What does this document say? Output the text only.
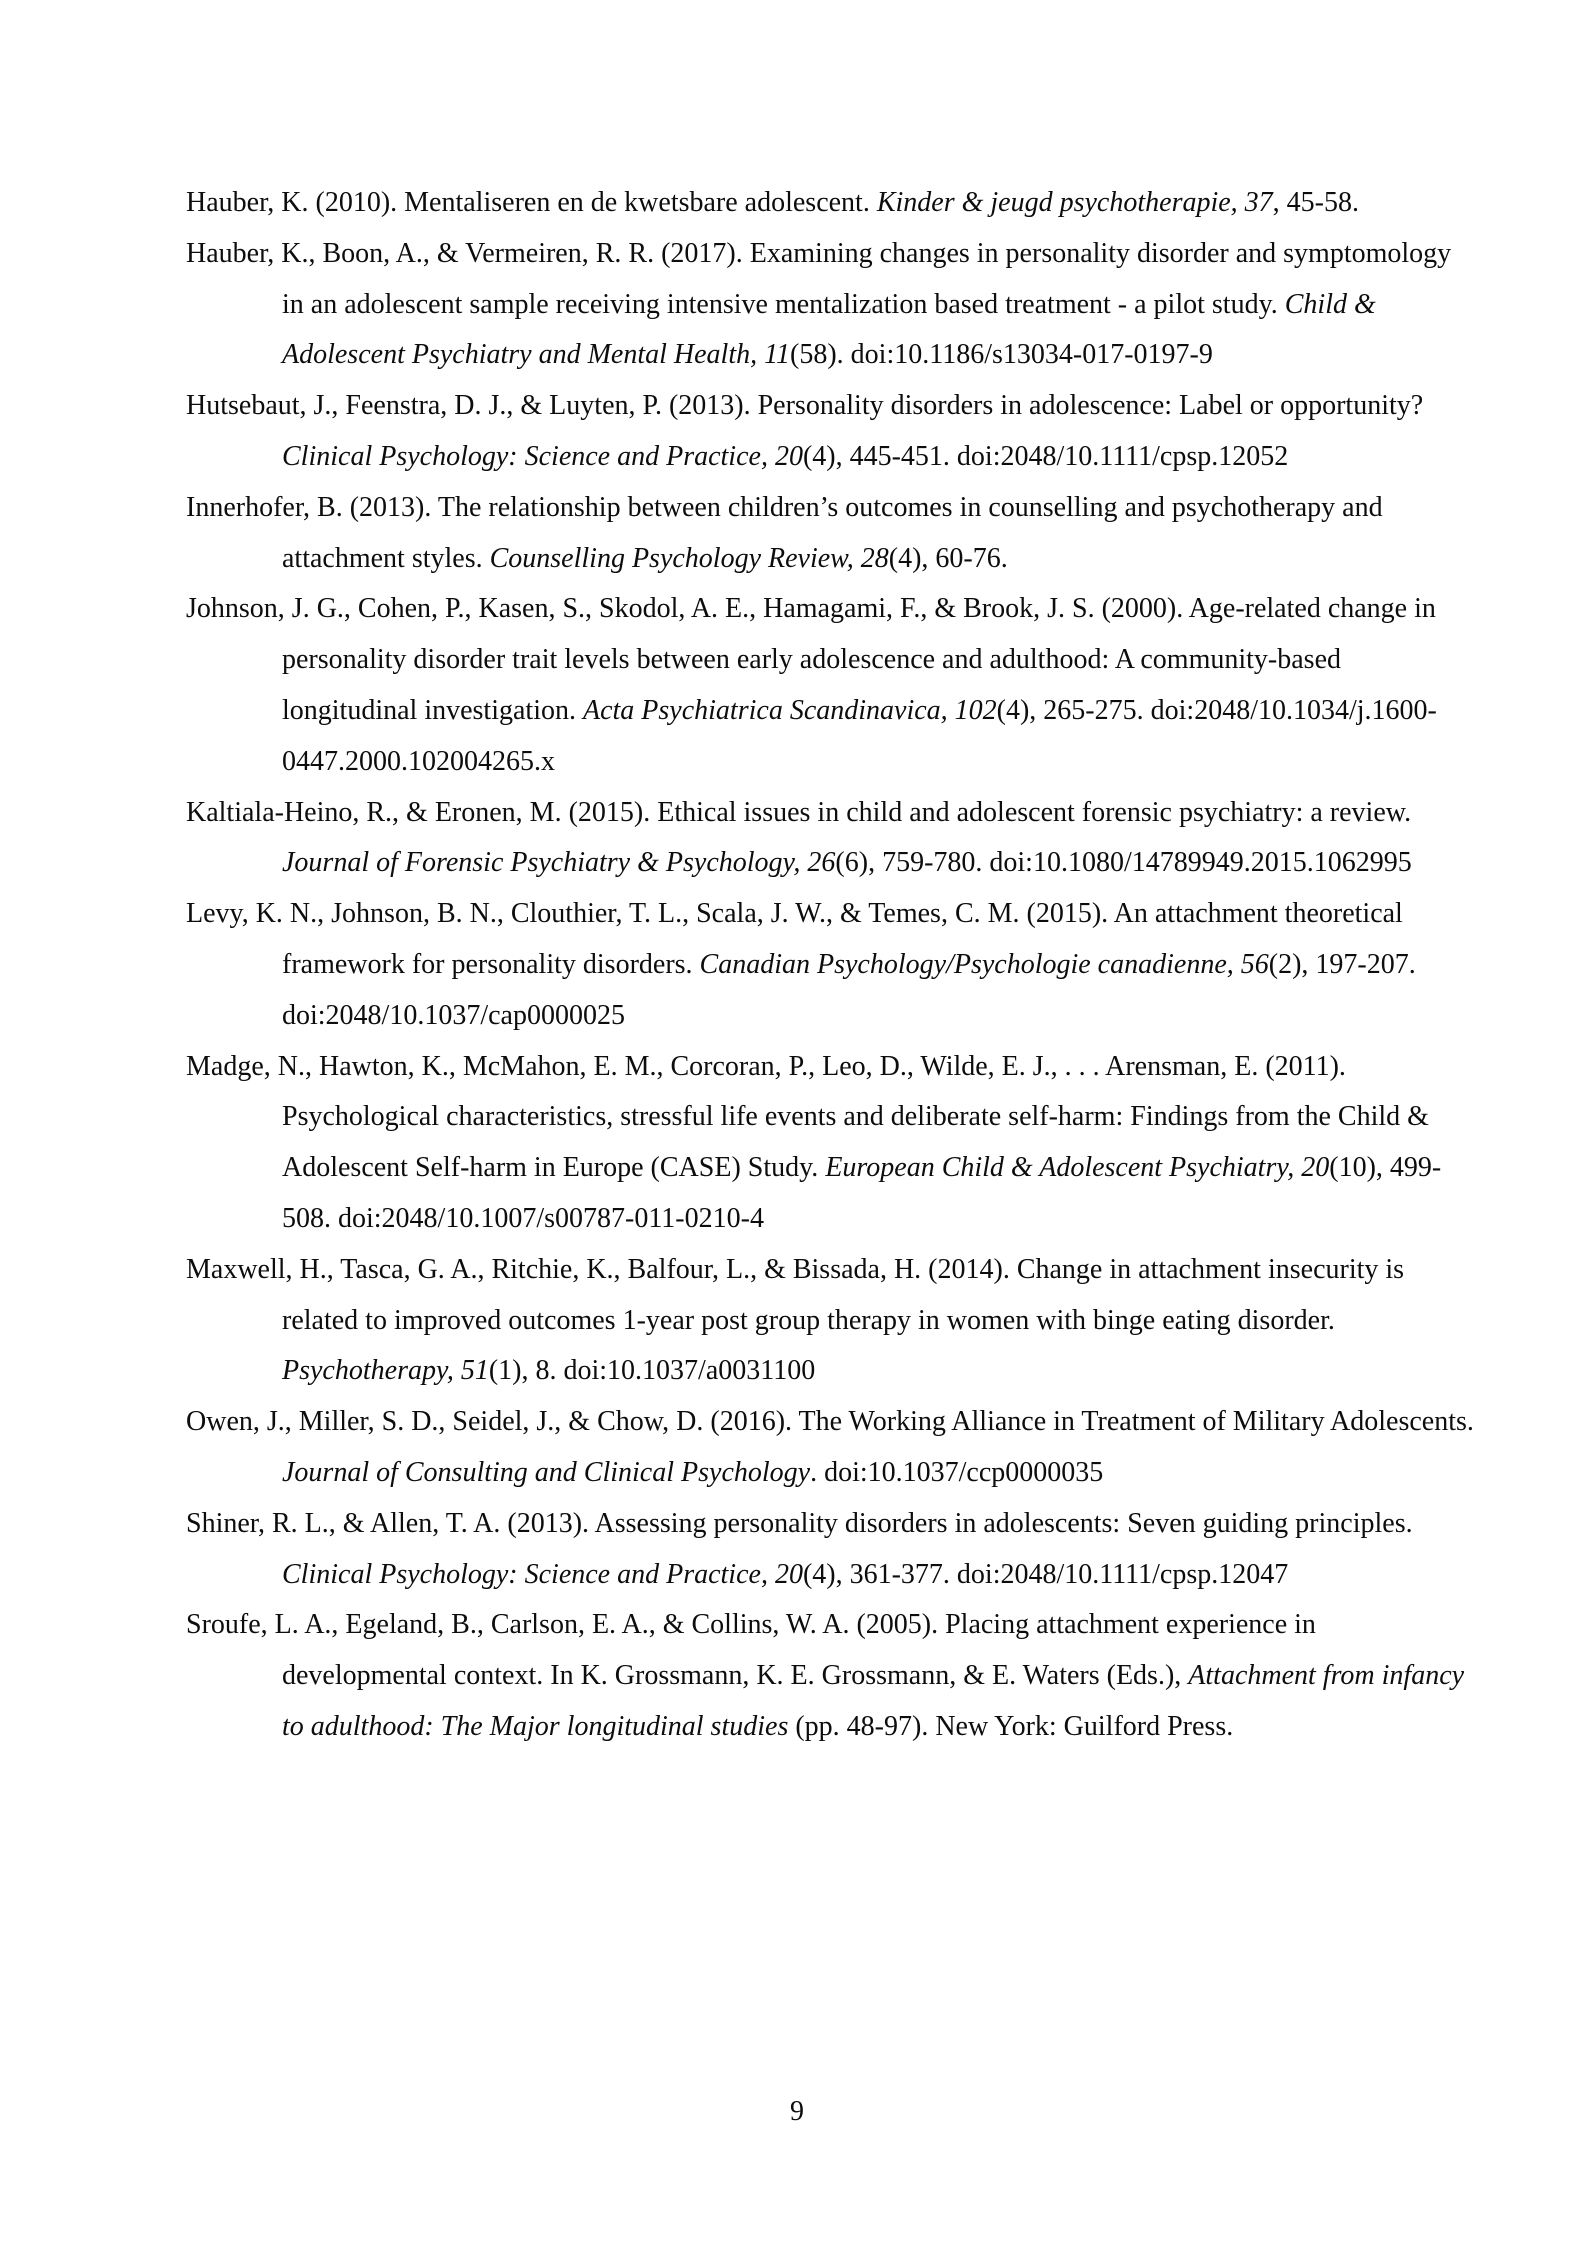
Hauber, K. (2010). Mentaliseren en de kwetsbare adolescent. Kinder & jeugd psychotherapie, 37, 45-58.

Hauber, K., Boon, A., & Vermeiren, R. R. (2017). Examining changes in personality disorder and symptomology in an adolescent sample receiving intensive mentalization based treatment - a pilot study. Child & Adolescent Psychiatry and Mental Health, 11(58). doi:10.1186/s13034-017-0197-9

Hutsebaut, J., Feenstra, D. J., & Luyten, P. (2013). Personality disorders in adolescence: Label or opportunity? Clinical Psychology: Science and Practice, 20(4), 445-451. doi:2048/10.1111/cpsp.12052

Innerhofer, B. (2013). The relationship between children’s outcomes in counselling and psychotherapy and attachment styles. Counselling Psychology Review, 28(4), 60-76.

Johnson, J. G., Cohen, P., Kasen, S., Skodol, A. E., Hamagami, F., & Brook, J. S. (2000). Age-related change in personality disorder trait levels between early adolescence and adulthood: A community-based longitudinal investigation. Acta Psychiatrica Scandinavica, 102(4), 265-275. doi:2048/10.1034/j.1600-0447.2000.102004265.x

Kaltiala-Heino, R., & Eronen, M. (2015). Ethical issues in child and adolescent forensic psychiatry: a review. Journal of Forensic Psychiatry & Psychology, 26(6), 759-780. doi:10.1080/14789949.2015.1062995

Levy, K. N., Johnson, B. N., Clouthier, T. L., Scala, J. W., & Temes, C. M. (2015). An attachment theoretical framework for personality disorders. Canadian Psychology/Psychologie canadienne, 56(2), 197-207. doi:2048/10.1037/cap0000025

Madge, N., Hawton, K., McMahon, E. M., Corcoran, P., Leo, D., Wilde, E. J., . . . Arensman, E. (2011). Psychological characteristics, stressful life events and deliberate self-harm: Findings from the Child & Adolescent Self-harm in Europe (CASE) Study. European Child & Adolescent Psychiatry, 20(10), 499-508. doi:2048/10.1007/s00787-011-0210-4

Maxwell, H., Tasca, G. A., Ritchie, K., Balfour, L., & Bissada, H. (2014). Change in attachment insecurity is related to improved outcomes 1-year post group therapy in women with binge eating disorder. Psychotherapy, 51(1), 8. doi:10.1037/a0031100

Owen, J., Miller, S. D., Seidel, J., & Chow, D. (2016). The Working Alliance in Treatment of Military Adolescents. Journal of Consulting and Clinical Psychology. doi:10.1037/ccp0000035

Shiner, R. L., & Allen, T. A. (2013). Assessing personality disorders in adolescents: Seven guiding principles. Clinical Psychology: Science and Practice, 20(4), 361-377. doi:2048/10.1111/cpsp.12047

Sroufe, L. A., Egeland, B., Carlson, E. A., & Collins, W. A. (2005). Placing attachment experience in developmental context. In K. Grossmann, K. E. Grossmann, & E. Waters (Eds.), Attachment from infancy to adulthood: The Major longitudinal studies (pp. 48-97). New York: Guilford Press.

9
